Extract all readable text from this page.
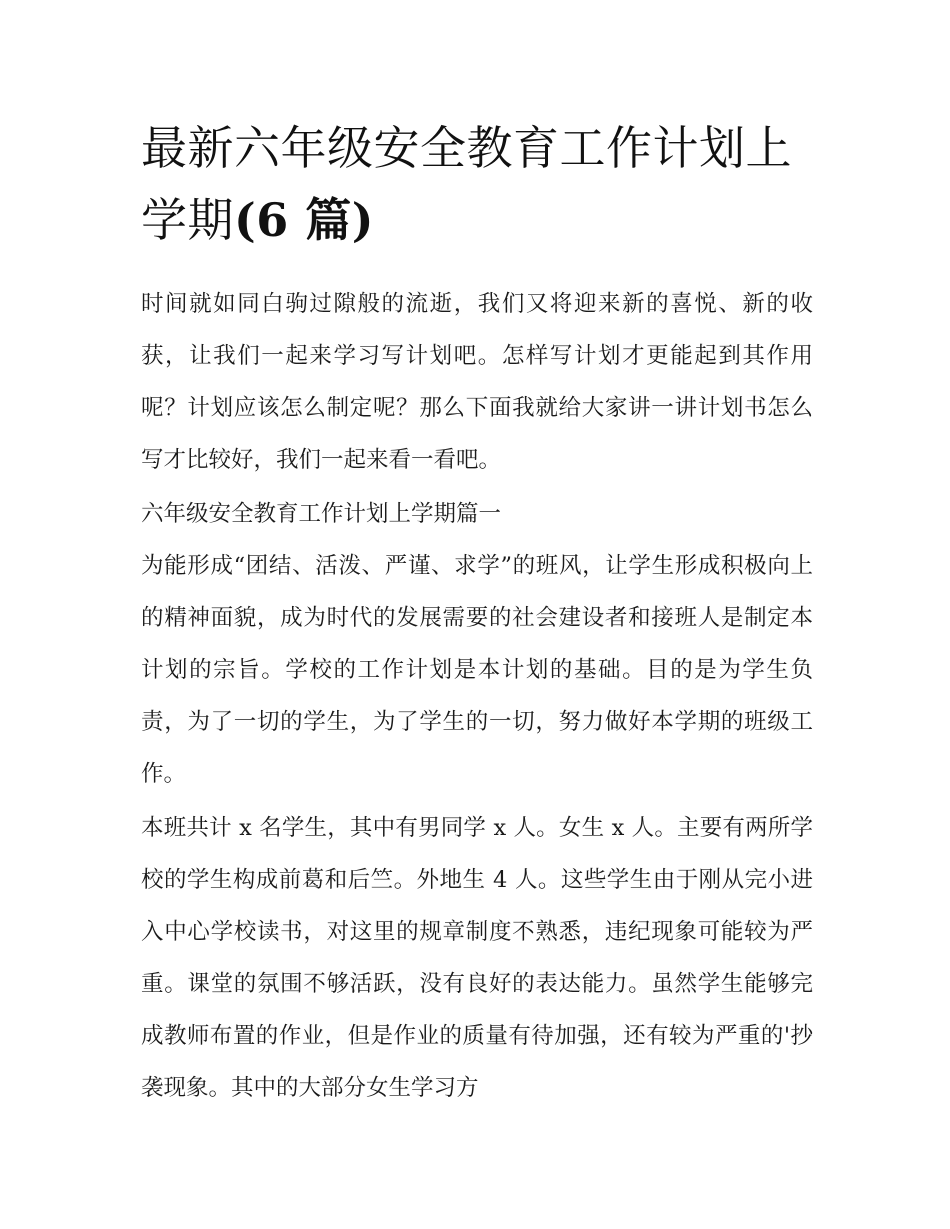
最新六年级安全教育工作计划上学期(6 篇)

时间就如同白驹过隙般的流逝，我们又将迎来新的喜悦、新的收获，让我们一起来学习写计划吧。怎样写计划才更能起到其作用呢？计划应该怎么制定呢？那么下面我就给大家讲一讲计划书怎么写才比较好，我们一起来看一看吧。

六年级安全教育工作计划上学期篇一

为能形成“团结、活泼、严谨、求学”的班风，让学生形成积极向上的精神面貌，成为时代的发展需要的社会建设者和接班人是制定本计划的宗旨。学校的工作计划是本计划的基础。目的是为学生负责，为了一切的学生，为了学生的一切，努力做好本学期的班级工作。

本班共计 x 名学生，其中有男同学 x 人。女生 x 人。主要有两所学校的学生构成前葛和后竺。外地生 4 人。这些学生由于刚从完小进入中心学校读书，对这里的规章制度不熟悉，违纪现象可能较为严重。课堂的氛围不够活跃，没有良好的表达能力。虽然学生能够完成教师布置的作业，但是作业的质量有待加强，还有较为严重的'抄袭现象。其中的大部分女生学习方
